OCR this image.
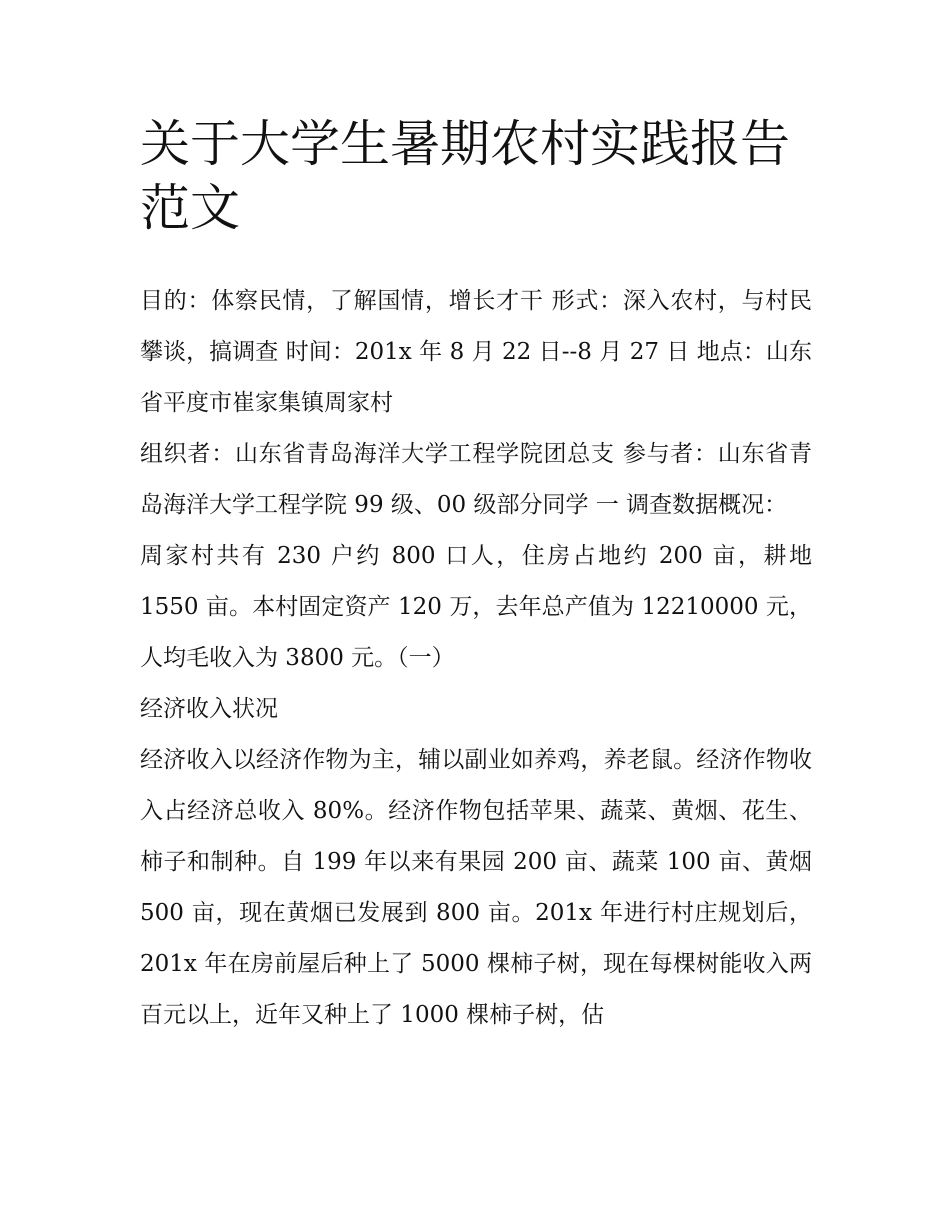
关于大学生暑期农村实践报告范文

目的：体察民情，了解国情，增长才干 形式：深入农村，与村民攀谈，搞调查 时间：201x 年 8 月 22 日--8 月 27 日 地点：山东省平度市崔家集镇周家村

组织者：山东省青岛海洋大学工程学院团总支 参与者：山东省青岛海洋大学工程学院 99 级、00 级部分同学 一 调查数据概况：

周家村共有 230 户约 800 口人，住房占地约 200 亩，耕地 1550 亩。本村固定资产 120 万，去年总产值为 12210000 元，人均毛收入为 3800 元。（一）

经济收入状况

经济收入以经济作物为主，辅以副业如养鸡，养老鼠。经济作物收入占经济总收入 80%。经济作物包括苹果、蔬菜、黄烟、花生、柿子和制种。自 199 年以来有果园 200 亩、蔬菜 100 亩、黄烟 500 亩，现在黄烟已发展到 800 亩。201x 年进行村庄规划后，201x 年在房前屋后种上了 5000 棵柿子树，现在每棵树能收入两百元以上，近年又种上了 1000 棵柿子树，估
